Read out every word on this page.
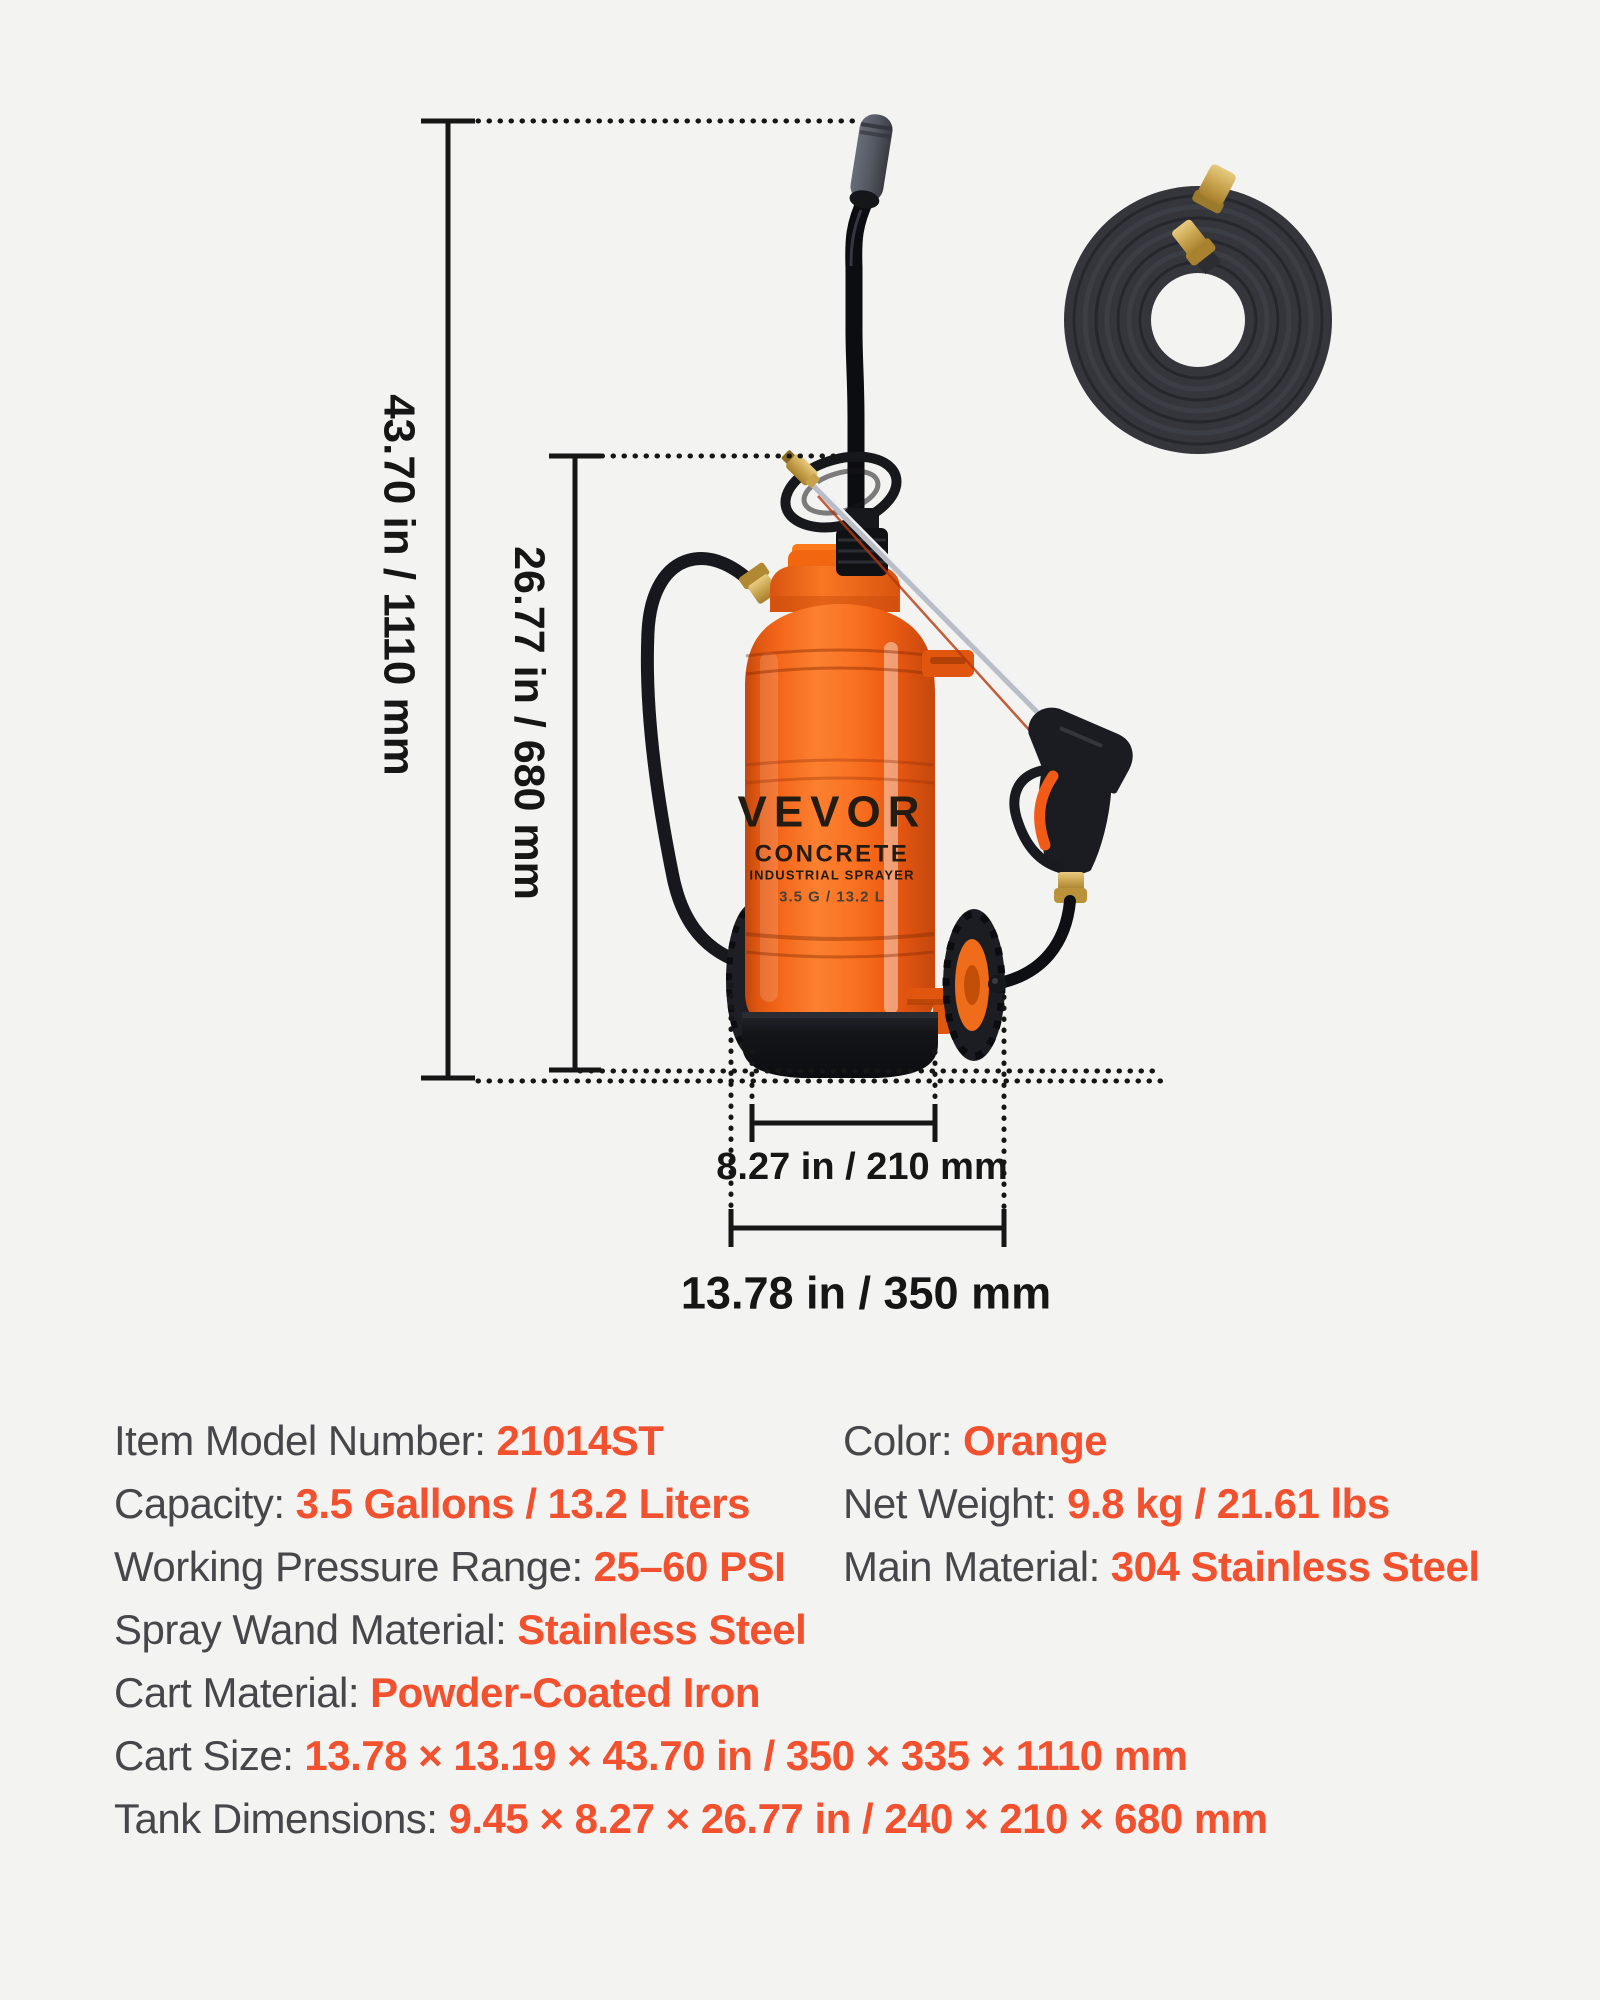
VEVOR
CONCRETE
INDUSTRIAL SPRAYER
3.5 G / 13.2 L
43.70 in / 1110 mm 26.77 in / 680 mm
8.27 in / 210 mm
13.78 in / 350 mm
Item Model Number: 21014ST
Capacity: 3.5 Gallons / 13.2 Liters
Working Pressure Range: 25–60 PSI
Spray Wand Material: Stainless Steel
Cart Material: Powder-Coated Iron
Cart Size: 13.78 × 13.19 × 43.70 in / 350 × 335 × 1110 mm
Tank Dimensions: 9.45 × 8.27 × 26.77 in / 240 × 210 × 680 mm
Color: Orange
Net Weight: 9.8 kg / 21.61 lbs
Main Material: 304 Stainless Steel
